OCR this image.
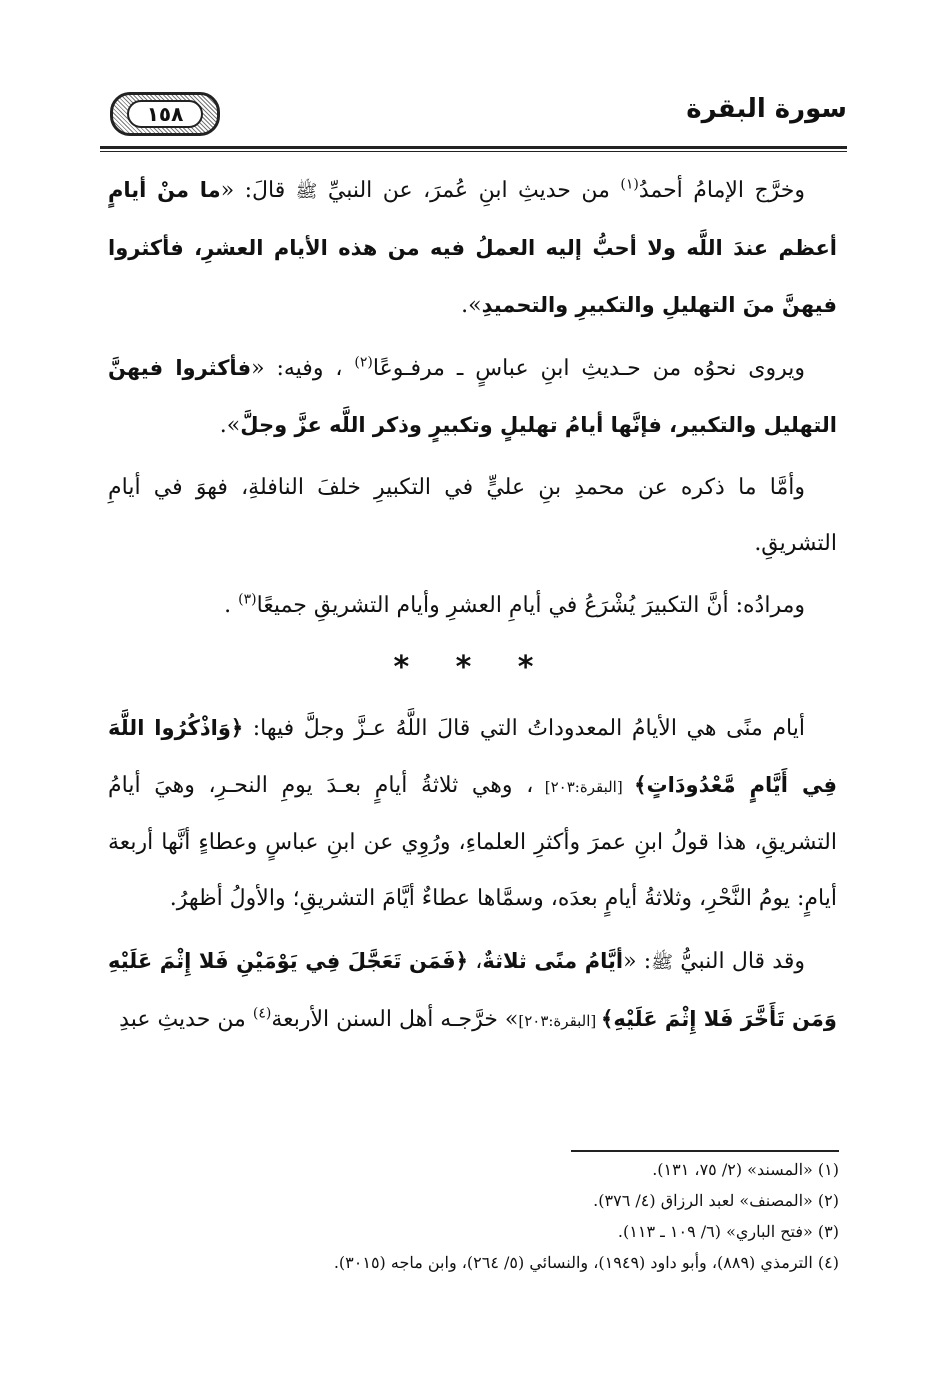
سورة البقرة
١٥٨

وخرَّج الإمامُ أحمدُ$^{(١)}$ من حديثِ ابنِ عُمرَ، عن النبيِّ ﷺ قالَ: «ما منْ أيامٍ أعظم عندَ اللَّه ولا أحبُّ إليه العملُ فيه من هذه الأيام العشرِ، فأكثروا فيهنَّ منَ التهليلِ والتكبيرِ والتحميدِ».

ويروى نحوُه من حـديثِ ابنِ عباسٍ ـ مرفـوعًا$^{(٢)}$ ، وفيه: «فأكثروا فيهنَّ التهليل والتكبير، فإنَّها أيامُ تهليلٍ وتكبيرٍ وذكر اللَّه عزَّ وجلَّ».

وأمَّا ما ذكره عن محمدِ بنِ عليٍّ في التكبيرِ خلفَ النافلةِ، فهوَ في أيامِ التشريقِ.

ومرادُه: أنَّ التكبيرَ يُشْرَعُ في أيامِ العشرِ وأيام التشريقِ جميعًا$^{(٣)}$ .

* * *

أيام منًى هي الأيامُ المعدوداتُ التي قالَ اللَّهُ عـزَّ وجلَّ فيها: ﴿وَاذْكُرُوا اللَّهَ فِي أَيَّامٍ مَّعْدُودَاتٍ﴾ [البقرة:٢٠٣] ، وهي ثلاثةُ أيامٍ بعـدَ يومِ النحـرِ، وهيَ أيامُ التشريقِ، هذا قولُ ابنِ عمرَ وأكثرِ العلماءِ، ورُوِي عن ابنِ عباسٍ وعطاءٍ أنَّها أربعة أيامٍ: يومُ النَّحْرِ، وثلاثةُ أيامٍ بعدَه، وسمَّاها عطاءٌ أيَّامَ التشريقِ؛ والأولُ أظهرُ.

وقد قال النبيُّ ﷺ: «أيَّامُ منًى ثلاثةٌ، ﴿فَمَن تَعَجَّلَ فِي يَوْمَيْنِ فَلا إِثْمَ عَلَيْهِ وَمَن تَأَخَّرَ فَلا إِثْمَ عَلَيْهِ﴾ [البقرة:٢٠٣]» خرَّجـه أهل السنن الأربعة$^{(٤)}$ من حديثِ عبدِ

(١) «المسند» (٢/ ٧٥، ١٣١).

(٢) «المصنف» لعبد الرزاق (٤/ ٣٧٦).

(٣) «فتح الباري» (٦/ ١٠٩ ـ ١١٣).

(٤) الترمذي (٨٨٩)، وأبو داود (١٩٤٩)، والنسائي (٥/ ٢٦٤)، وابن ماجه (٣٠١٥).
